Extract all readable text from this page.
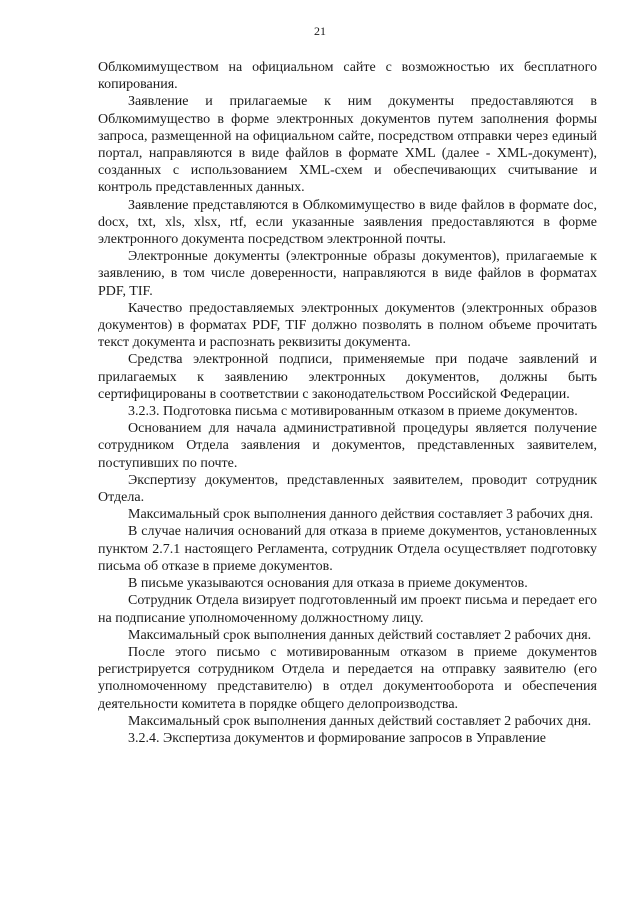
21

Облкомимуществом на официальном сайте с возможностью их бесплатного копирования.

Заявление и прилагаемые к ним документы предоставляются в Облкомимущество в форме электронных документов путем заполнения формы запроса, размещенной на официальном сайте, посредством отправки через единый портал, направляются в виде файлов в формате XML (далее - XML-документ), созданных с использованием XML-схем и обеспечивающих считывание и контроль представленных данных.

Заявление представляются в Облкомимущество в виде файлов в формате doc, docx, txt, xls, xlsx, rtf, если указанные заявления предоставляются в форме электронного документа посредством электронной почты.

Электронные документы (электронные образы документов), прилагаемые к заявлению, в том числе доверенности, направляются в виде файлов в форматах PDF, TIF.

Качество предоставляемых электронных документов (электронных образов документов) в форматах PDF, TIF должно позволять в полном объеме прочитать текст документа и распознать реквизиты документа.

Средства электронной подписи, применяемые при подаче заявлений и прилагаемых к заявлению электронных документов, должны быть сертифицированы в соответствии с законодательством Российской Федерации.

3.2.3. Подготовка письма с мотивированным отказом в приеме документов.

Основанием для начала административной процедуры является получение сотрудником Отдела заявления и документов, представленных заявителем, поступивших по почте.

Экспертизу документов, представленных заявителем, проводит сотрудник Отдела.

Максимальный срок выполнения данного действия составляет 3 рабочих дня.

В случае наличия оснований для отказа в приеме документов, установленных пунктом 2.7.1 настоящего Регламента, сотрудник Отдела осуществляет подготовку письма об отказе в приеме документов.

В письме указываются основания для отказа в приеме документов.

Сотрудник Отдела визирует подготовленный им проект письма и передает его на подписание уполномоченному должностному лицу.

Максимальный срок выполнения данных действий составляет 2 рабочих дня.

После этого письмо с мотивированным отказом в приеме документов регистрируется сотрудником Отдела и передается на отправку заявителю (его уполномоченному представителю) в отдел документооборота и обеспечения деятельности комитета в порядке общего делопроизводства.

Максимальный срок выполнения данных действий составляет 2 рабочих дня.

3.2.4. Экспертиза документов и формирование запросов в Управление
